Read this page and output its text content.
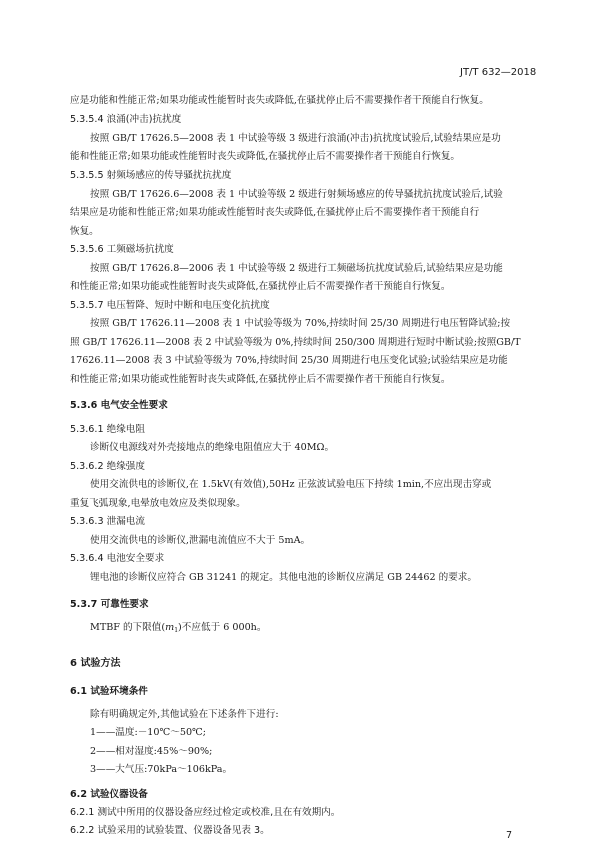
JT/T 632—2018
应是功能和性能正常;如果功能或性能暂时丧失或降低,在骚扰停止后不需要操作者干预能自行恢复。
5.3.5.4 浪涌(冲击)抗扰度
按照 GB/T 17626.5—2008 表 1 中试验等级 3 级进行浪涌(冲击)抗扰度试验后,试验结果应是功
能和性能正常;如果功能或性能暂时丧失或降低,在骚扰停止后不需要操作者干预能自行恢复。
5.3.5.5 射频场感应的传导骚扰抗扰度
按照 GB/T 17626.6—2008 表 1 中试验等级 2 级进行射频场感应的传导骚扰抗扰度试验后,试验
结果应是功能和性能正常;如果功能或性能暂时丧失或降低,在骚扰停止后不需要操作者干预能自行
恢复。
5.3.5.6 工频磁场抗扰度
按照 GB/T 17626.8—2006 表 1 中试验等级 2 级进行工频磁场抗扰度试验后,试验结果应是功能
和性能正常;如果功能或性能暂时丧失或降低,在骚扰停止后不需要操作者干预能自行恢复。
5.3.5.7 电压暂降、短时中断和电压变化抗扰度
按照 GB/T 17626.11—2008 表 1 中试验等级为 70%,持续时间 25/30 周期进行电压暂降试验;按
照 GB/T 17626.11—2008 表 2 中试验等级为 0%,持续时间 250/300 周期进行短时中断试验;按照GB/T
17626.11—2008 表 3 中试验等级为 70%,持续时间 25/30 周期进行电压变化试验;试验结果应是功能
和性能正常;如果功能或性能暂时丧失或降低,在骚扰停止后不需要操作者干预能自行恢复。
5.3.6 电气安全性要求
5.3.6.1 绝缘电阻
诊断仪电源线对外壳接地点的绝缘电阻值应大于 40MΩ。
5.3.6.2 绝缘强度
使用交流供电的诊断仪,在 1.5kV(有效值),50Hz 正弦波试验电压下持续 1min,不应出现击穿或
重复飞弧现象,电晕放电效应及类似现象。
5.3.6.3 泄漏电流
使用交流供电的诊断仪,泄漏电流值应不大于 5mA。
5.3.6.4 电池安全要求
锂电池的诊断仪应符合 GB 31241 的规定。其他电池的诊断仪应满足 GB 24462 的要求。
5.3.7 可靠性要求
MTBF 的下限值$(m_1)$不应低于 6 000h。
6 试验方法
6.1 试验环境条件
除有明确规定外,其他试验在下述条件下进行:
1——温度:－10℃～50℃;
2——相对湿度:45%～90%;
3——大气压:70kPa～106kPa。
6.2 试验仪器设备
6.2.1 测试中所用的仪器设备应经过检定或校准,且在有效期内。
6.2.2 试验采用的试验装置、仪器设备见表 3。	7
